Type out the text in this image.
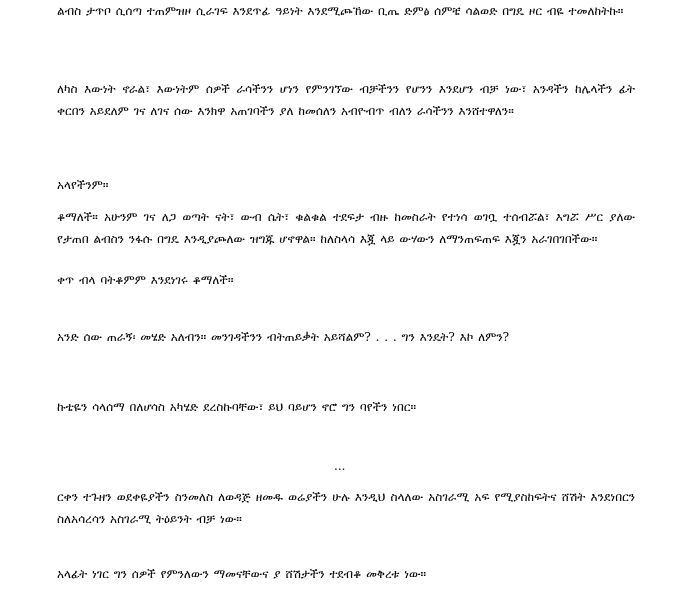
ልብስ ታጥቦ ሲሰጣ ተጠምዝዞ ሲራገፍ እንደጥፊ ዓይነት እንደሚጮኸው ቢጤ ድምፅ ሰምቼ ሳልወድ በግዴ ዞር ብዬ ተመለከትኩ።

ለካስ እውነት ኖራል፣ እውነትም ሰዎች ራሳችንን ሆነን የምንገኘው ብቻችንን የሆንን እንደሆን ብቻ ነው፣ አንዳችን ከሌላችን ፊት ቀርበን አይደለም ገና ለገና ሰው እንክዋ አጠገባችን ያለ ከመሰለን አብዮብጥ ብለን ራሳችንን እንሸተዋለን።

አላየችንም።

ቆማለች። አሁንም ገና ለጋ ወጣት ናት፣ ውብ ሴት፣ ቁልቁል ተደፍታ ብዙ ከመስራት የተነሳ ወገቧ ተሰብሯል፣ እግሯ ሥር ያለው የታጠበ ልብስን ንፋሱ በግዴ እንዲያጮለው ዝግጁ ሆኖዋል። ከለስላሳ እጇ ላይ ውሃውን ለማንጠፍጠፍ እጇን አራገበገበችው።

ቀጥ ብላ ባትቆምም እንደነገሩ ቆማለች።

አንድ ሰው ጠራኝ፡ መሄድ አለብን። መንገዳችንን ብትጠይቃት አይሻልም? . . . ግን እንዴት? እኮ ለምን?

ኩቴዬን ሳላሰማ በለሆሳስ አካሄድ ደረስኩባቸው፣ ይህ ባይሆን ኖሮ ግን ባየችን ነበር።

...

ርቀን ተጉዘን ወደቀዬያችን ስንመለስ ለወዳጅ ዘመዱ ወሬያችን ሁሉ እንዲህ ስላለው አስገራሚ አፍ የሚያስከፍትና ሸሽት እንደነበርን ስለአሳረሳን አስገራሚ ትዕይንት ብቻ ነው።

አላፊት ነገር ግን ሰዎች የምንለውን ማመናቸውና ያ ሸሽታችን ተደብቆ መቅረቱ ነው።
